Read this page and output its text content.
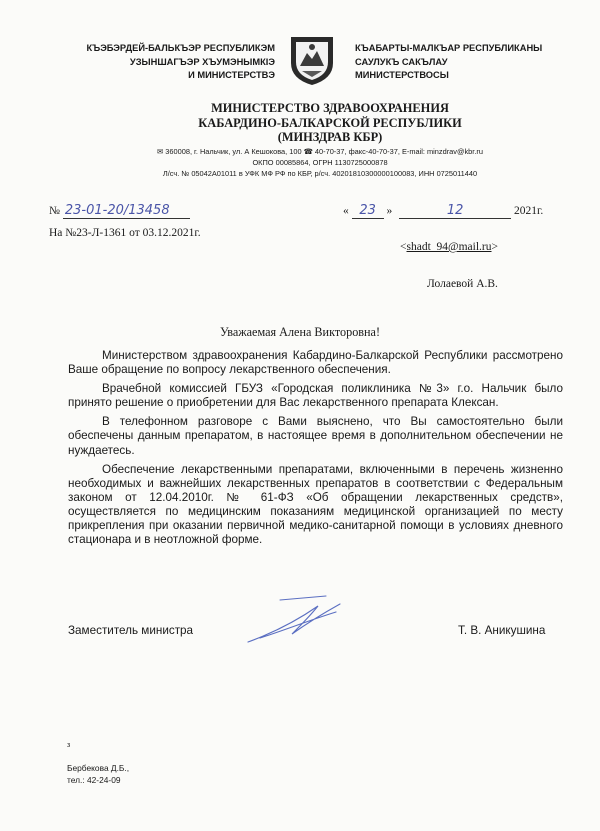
КЪЭБЭРДЕЙ-БАЛЬКЪЭР РЕСПУБЛИКЭМ
УЗЫНШАГЪЭР ХЪУМЭНЫМКIЭ
И МИНИСТЕРСТВЭ
КЪАБАРТЫ-МАЛКЪАР РЕСПУБЛИКАНЫ
САУЛУКЪ САКЪЛАУ
МИНИСТЕРСТВОСЫ
МИНИСТЕРСТВО ЗДРАВООХРАНЕНИЯ
КАБАРДИНО-БАЛКАРСКОЙ РЕСПУБЛИКИ
(МИНЗДРАВ КБР)
✉ 360008, г. Нальчик, ул. А Кешокова, 100 ☎ 40-70-37, факс-40-70-37, E-mail: minzdrav@kbr.ru
ОКПО 00085864, ОГРН 1130725000878
Л/сч. № 05042А01011 в УФК МФ РФ по КБР, р/сч. 40201810300000100083, ИНН 0725011440
№ 23-01-20/13458	« 23 »	12	2021г.
На №23-Л-1361 от 03.12.2021г.
<shadt_94@mail.ru>
Лолаевой А.В.
Уважаемая Алена Викторовна!

Министерством здравоохранения Кабардино-Балкарской Республики рассмотрено Ваше обращение по вопросу лекарственного обеспечения.

Врачебной комиссией ГБУЗ «Городская поликлиника №3» г.о. Нальчик было принято решение о приобретении для Вас лекарственного препарата Клексан.

В телефонном разговоре с Вами выяснено, что Вы самостоятельно были обеспечены данным препаратом, в настоящее время в дополнительном обеспечении не нуждаетесь.

Обеспечение лекарственными препаратами, включенными в перечень жизненно необходимых и важнейших лекарственных препаратов в соответствии с Федеральным законом от 12.04.2010г. № 61-ФЗ «Об обращении лекарственных средств», осуществляется по медицинским показаниям медицинской организацией по месту прикрепления при оказании первичной медико-санитарной помощи в условиях дневного стационара и в неотложной форме.

Заместитель министра	Т. В. Аникушина
з
Бербекова Д.Б.,
тел.: 42-24-09
